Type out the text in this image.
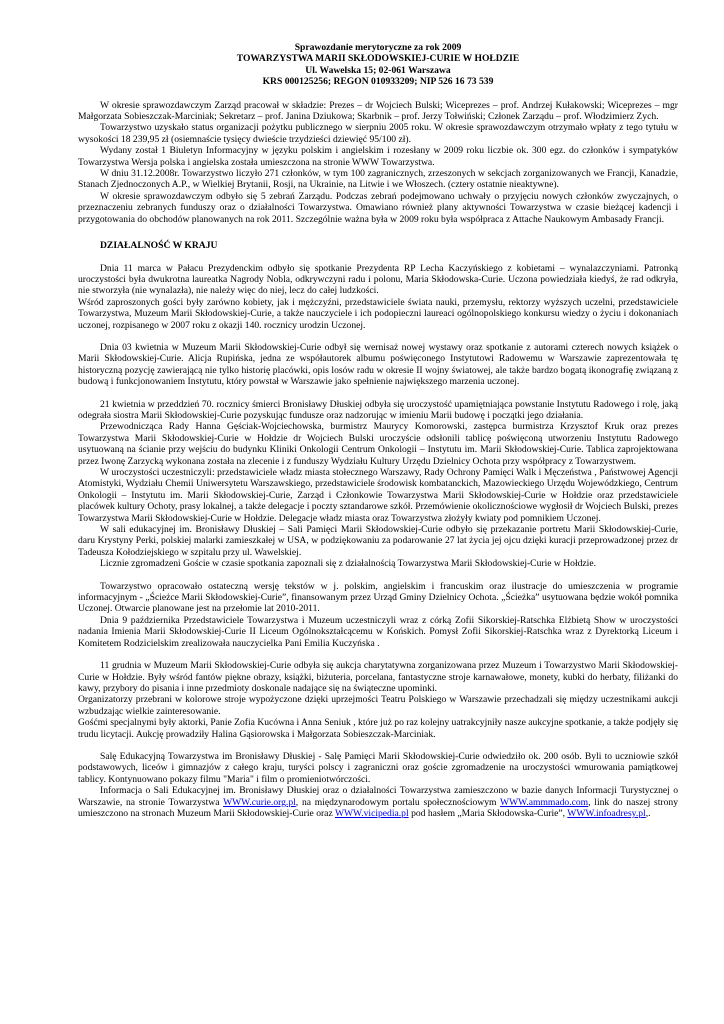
Sprawozdanie merytoryczne za rok 2009
TOWARZYSTWA MARII SKŁODOWSKIEJ-CURIE W HOŁDZIE
Ul. Wawelska 15; 02-061 Warszawa
KRS 000125256; REGON 010933209; NIP 526 16 73 539

W okresie sprawozdawczym Zarząd pracował w składzie: Prezes – dr Wojciech Bulski; Wiceprezes – prof. Andrzej Kułakowski; Wiceprezes – mgr Małgorzata Sobieszczak-Marciniak; Sekretarz – prof. Janina Dziukowa; Skarbnik – prof. Jerzy Tołwiński; Członek Zarządu – prof. Włodzimierz Zych.

Towarzystwo uzyskało status organizacji pożytku publicznego w sierpniu 2005 roku. W okresie sprawozdawczym otrzymało wpłaty z tego tytułu w wysokości 18 239,95 zł (osiemnaście tysięcy dwieście trzydzieści dziewięć 95/100 zł).

Wydany został 1 Biuletyn Informacyjny w języku polskim i angielskim i rozesłany w 2009 roku liczbie ok. 300 egz. do członków i sympatyków Towarzystwa Wersja polska i angielska została umieszczona na stronie WWW Towarzystwa.

W dniu 31.12.2008r. Towarzystwo liczyło 271 członków, w tym 100 zagranicznych, zrzeszonych w sekcjach zorganizowanych we Francji, Kanadzie, Stanach Zjednoczonych A.P., w Wielkiej Brytanii, Rosji, na Ukrainie, na Litwie i we Włoszech. (cztery ostatnie nieaktywne).

W okresie sprawozdawczym odbyło się 5 zebrań Zarządu. Podczas zebrań podejmowano uchwały o przyjęciu nowych członków zwyczajnych, o przeznaczeniu zebranych funduszy oraz o działalności Towarzystwa. Omawiano również plany aktywności Towarzystwa w czasie bieżącej kadencji i przygotowania do obchodów planowanych na rok 2011. Szczególnie ważna była w 2009 roku była współpraca z Attache Naukowym Ambasady Francji.

DZIAŁALNOŚĆ W KRAJU

Dnia 11 marca w Pałacu Prezydenckim odbyło się spotkanie Prezydenta RP Lecha Kaczyńskiego z kobietami – wynalazczyniami. Patronką uroczystości była dwukrotna laureatka Nagrody Nobla, odkrywczyni radu i polonu, Maria Skłodowska-Curie. Uczona powiedziała kiedyś, że rad odkryła, nie stworzyła (nie wynalazła), nie należy więc do niej, lecz do całej ludzkości.

Wśród zaproszonych gości były zarówno kobiety, jak i mężczyźni, przedstawiciele świata nauki, przemysłu, rektorzy wyższych uczelni, przedstawiciele Towarzystwa, Muzeum Marii Skłodowskiej-Curie, a także nauczyciele i ich podopieczni laureaci ogólnopolskiego konkursu wiedzy o życiu i dokonaniach uczonej, rozpisanego w 2007 roku z okazji 140. rocznicy urodzin Uczonej.

Dnia 03 kwietnia w Muzeum Marii Skłodowskiej-Curie odbył się wernisaż nowej wystawy oraz spotkanie z autorami czterech nowych książek o Marii Skłodowskiej-Curie. Alicja Rupińska, jedna ze współautorek albumu poświęconego Instytutowi Radowemu w Warszawie zaprezentowała tę historyczną pozycję zawierającą nie tylko historię placówki, opis losów radu w okresie II wojny światowej, ale także bardzo bogatą ikonografię związaną z budową i funkcjonowaniem Instytutu, który powstał w Warszawie jako spełnienie największego marzenia uczonej.

21 kwietnia w przeddzień 70. rocznicy śmierci Bronisławy Dłuskiej odbyła się uroczystość upamiętniająca powstanie Instytutu Radowego i rolę, jaką odegrała siostra Marii Skłodowskiej-Curie pozyskując fundusze oraz nadzorując w imieniu Marii budowę i początki jego działania.

Przewodnicząca Rady Hanna Gęściak-Wojciechowska, burmistrz Maurycy Komorowski, zastępca burmistrza Krzysztof Kruk oraz prezes Towarzystwa Marii Skłodowskiej-Curie w Hołdzie dr Wojciech Bulski uroczyście odsłonili tablicę poświęconą utworzeniu Instytutu Radowego usytuowaną na ścianie przy wejściu do budynku Kliniki Onkologii Centrum Onkologii – Instytutu im. Marii Skłodowskiej-Curie. Tablica zaprojektowana przez Iwonę Zarzycką wykonana została na zlecenie i z funduszy Wydziału Kultury Urzędu Dzielnicy Ochota przy współpracy z Towarzystwem.

W uroczystości uczestniczyli: przedstawiciele władz miasta stołecznego Warszawy, Rady Ochrony Pamięci Walk i Męczeństwa , Państwowej Agencji Atomistyki, Wydziału Chemii Uniwersytetu Warszawskiego, przedstawiciele środowisk kombatanckich, Mazowieckiego Urzędu Wojewódzkiego, Centrum Onkologii – Instytutu im. Marii Skłodowskiej-Curie, Zarząd i Członkowie Towarzystwa Marii Skłodowskiej-Curie w Hołdzie oraz przedstawiciele placówek kultury Ochoty, prasy lokalnej, a także delegacje i poczty sztandarowe szkół. Przemówienie okolicznościowe wygłosił dr Wojciech Bulski, prezes Towarzystwa Marii Skłodowskiej-Curie w Hołdzie. Delegacje władz miasta oraz Towarzystwa złożyły kwiaty pod pomnikiem Uczonej.

W sali edukacyjnej im. Bronisławy Dłuskiej – Sali Pamięci Marii Skłodowskiej-Curie odbyło się przekazanie portretu Marii Skłodowskiej-Curie, daru Krystyny Perki, polskiej malarki zamieszkałej w USA, w podziękowaniu za podarowanie 27 lat życia jej ojcu dzięki kuracji przeprowadzonej przez dr Tadeusza Kołodziejskiego w szpitalu przy ul. Wawelskiej.

Licznie zgromadzeni Goście w czasie spotkania zapoznali się z działalnością Towarzystwa Marii Skłodowskiej-Curie w Hołdzie.

Towarzystwo opracowało ostateczną wersję tekstów w j. polskim, angielskim i francuskim oraz ilustracje do umieszczenia w programie informacyjnym - „Ścieżce Marii Skłodowskiej-Curie”, finansowanym przez Urząd Gminy Dzielnicy Ochota. „Ścieżka” usytuowana będzie wokół pomnika Uczonej. Otwarcie planowane jest na przełomie lat 2010-2011.

Dnia 9 października Przedstawiciele Towarzystwa i Muzeum uczestniczyli wraz z córką Zofii Sikorskiej-Ratschka Elżbietą Show w uroczystości nadania Imienia Marii Skłodowskiej-Curie II Liceum Ogólnokształcącemu w Końskich. Pomysł Zofii Sikorskiej-Ratschka wraz z Dyrektorką Liceum i Komitetem Rodzicielskim zrealizowała nauczycielka Pani Emilia Kuczyńska .

11 grudnia w Muzeum Marii Skłodowskiej-Curie odbyła się aukcja charytatywna zorganizowana przez Muzeum i Towarzystwo Marii Skłodowskiej-Curie w Hołdzie. Były wśród fantów piękne obrazy, książki, biżuteria, porcelana, fantastyczne stroje karnawałowe, monety, kubki do herbaty, filiżanki do kawy, przybory do pisania i inne przedmioty doskonale nadające się na świąteczne upominki.

Organizatorzy przebrani w kolorowe stroje wypożyczone dzięki uprzejmości Teatru Polskiego w Warszawie przechadzali się między uczestnikami aukcji wzbudzając wielkie zainteresowanie.

Gośćmi specjalnymi były aktorki, Panie Zofia Kucówna i Anna Seniuk , które już po raz kolejny uatrakcyjniły nasze aukcyjne spotkanie, a także podjęły się trudu licytacji. Aukcję prowadziły Halina Gąsiorowska i Małgorzata Sobieszczak-Marciniak.

Salę Edukacyjną Towarzystwa im Bronisławy Dłuskiej - Salę Pamięci Marii Skłodowskiej-Curie odwiedziło ok. 200 osób. Byli to uczniowie szkół podstawowych, liceów i gimnazjów z całego kraju, turyści polscy i zagraniczni oraz goście zgromadzenie na uroczystości wmurowania pamiątkowej tablicy. Kontynuowano pokazy filmu "Maria" i film o promieniotwórczości.

Informacja o Sali Edukacyjnej im. Bronisławy Dłuskiej oraz o działalności Towarzystwa zamieszczono w bazie danych Informacji Turystycznej o Warszawie, na stronie Towarzystwa WWW.curie.org.pl, na międzynarodowym portalu społecznościowym WWW.ammmado.com, link do naszej strony umieszczono na stronach Muzeum Marii Skłodowskiej-Curie oraz WWW.vicipedia.pl pod hasłem „Maria Skłodowska-Curie”, WWW.infoadresy.pl,.
